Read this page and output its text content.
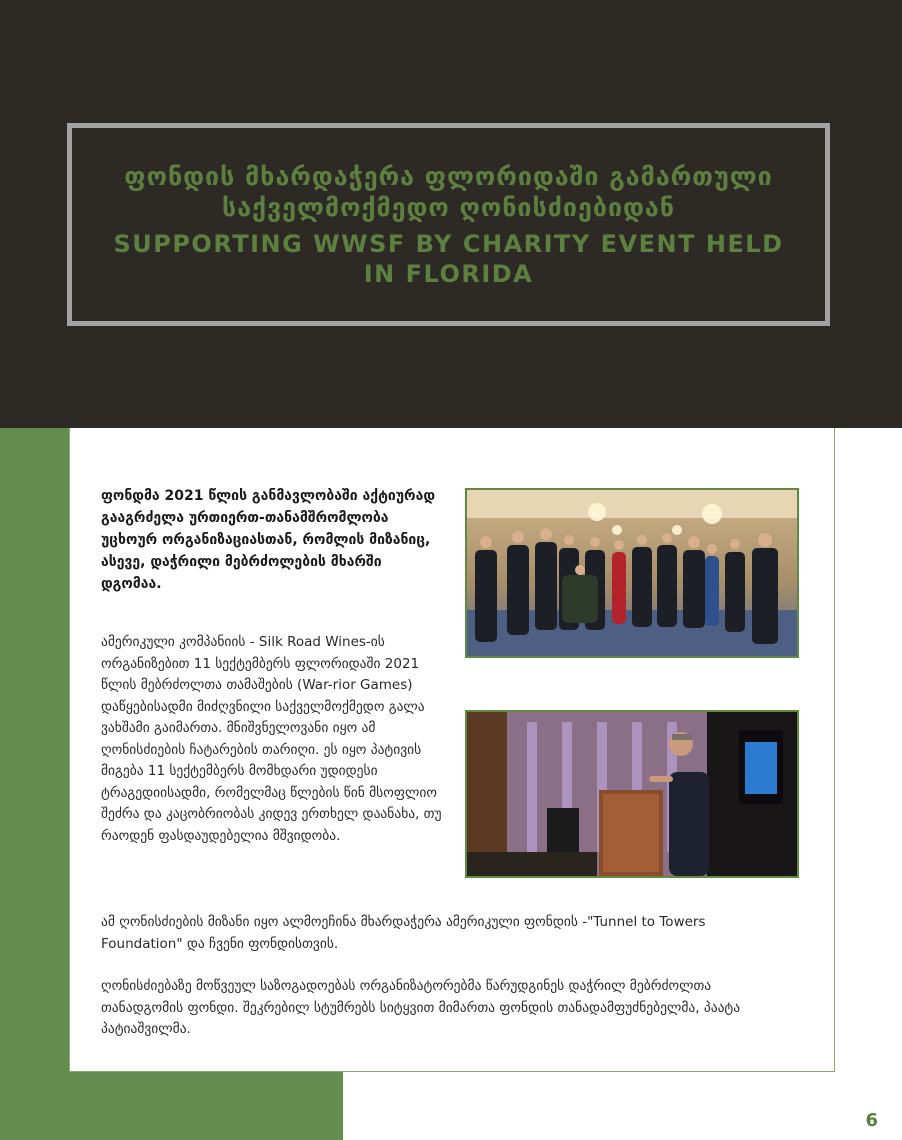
ფონდის მხარდაჭერა ფლორიდაში გამართული საქველმოქმედო ღონისძიებიდან
SUPPORTING WWSF BY CHARITY EVENT HELD IN FLORIDA

ფონდმა 2021 წლის განმავლობაში აქტიურად გააგრძელა ურთიერთ-თანამშრომლობა უცხოურ ორგანიზაციასთან, რომლის მიზანიც, ასევე, დაჭრილი მებრძოლების მხარში დგომაა.

ამერიკული კომპანიის - Silk Road Wines-ის ორგანიზებით 11 სექტემბერს ფლორიდაში 2021 წლის მებრძოლთა თამაშების (War-rior Games) დაწყებისადმი მიძღვნილი საქველმოქმედო გალა ვახშამი გაიმართა. მნიშვნელოვანი იყო ამ ღონისძიების ჩატარების თარიღი. ეს იყო პატივის მიგება 11 სექტემბერს მომხდარი უდიდესი ტრაგედიისადმი, რომელმაც წლების წინ მსოფლიო შეძრა და კაცობრიობას კიდევ ერთხელ დაანახა, თუ რაოდენ ფასდაუდებელია მშვიდობა.

ამ ღონისძიების მიზანი იყო ალმოეჩინა მხარდაჭერა ამერიკული ფონდის -"Tunnel to Towers Foundation" და ჩვენი ფონდისთვის.

ღონისძიებაზე მოწვეულ საზოგადოებას ორგანიზატორებმა წარუდგინეს დაჭრილ მებრძოლთა თანადგომის ფონდი. შეკრებილ სტუმრებს სიტყვით მიმართა ფონდის თანადამფუძნებელმა, პაატა პატიაშვილმა.

6
